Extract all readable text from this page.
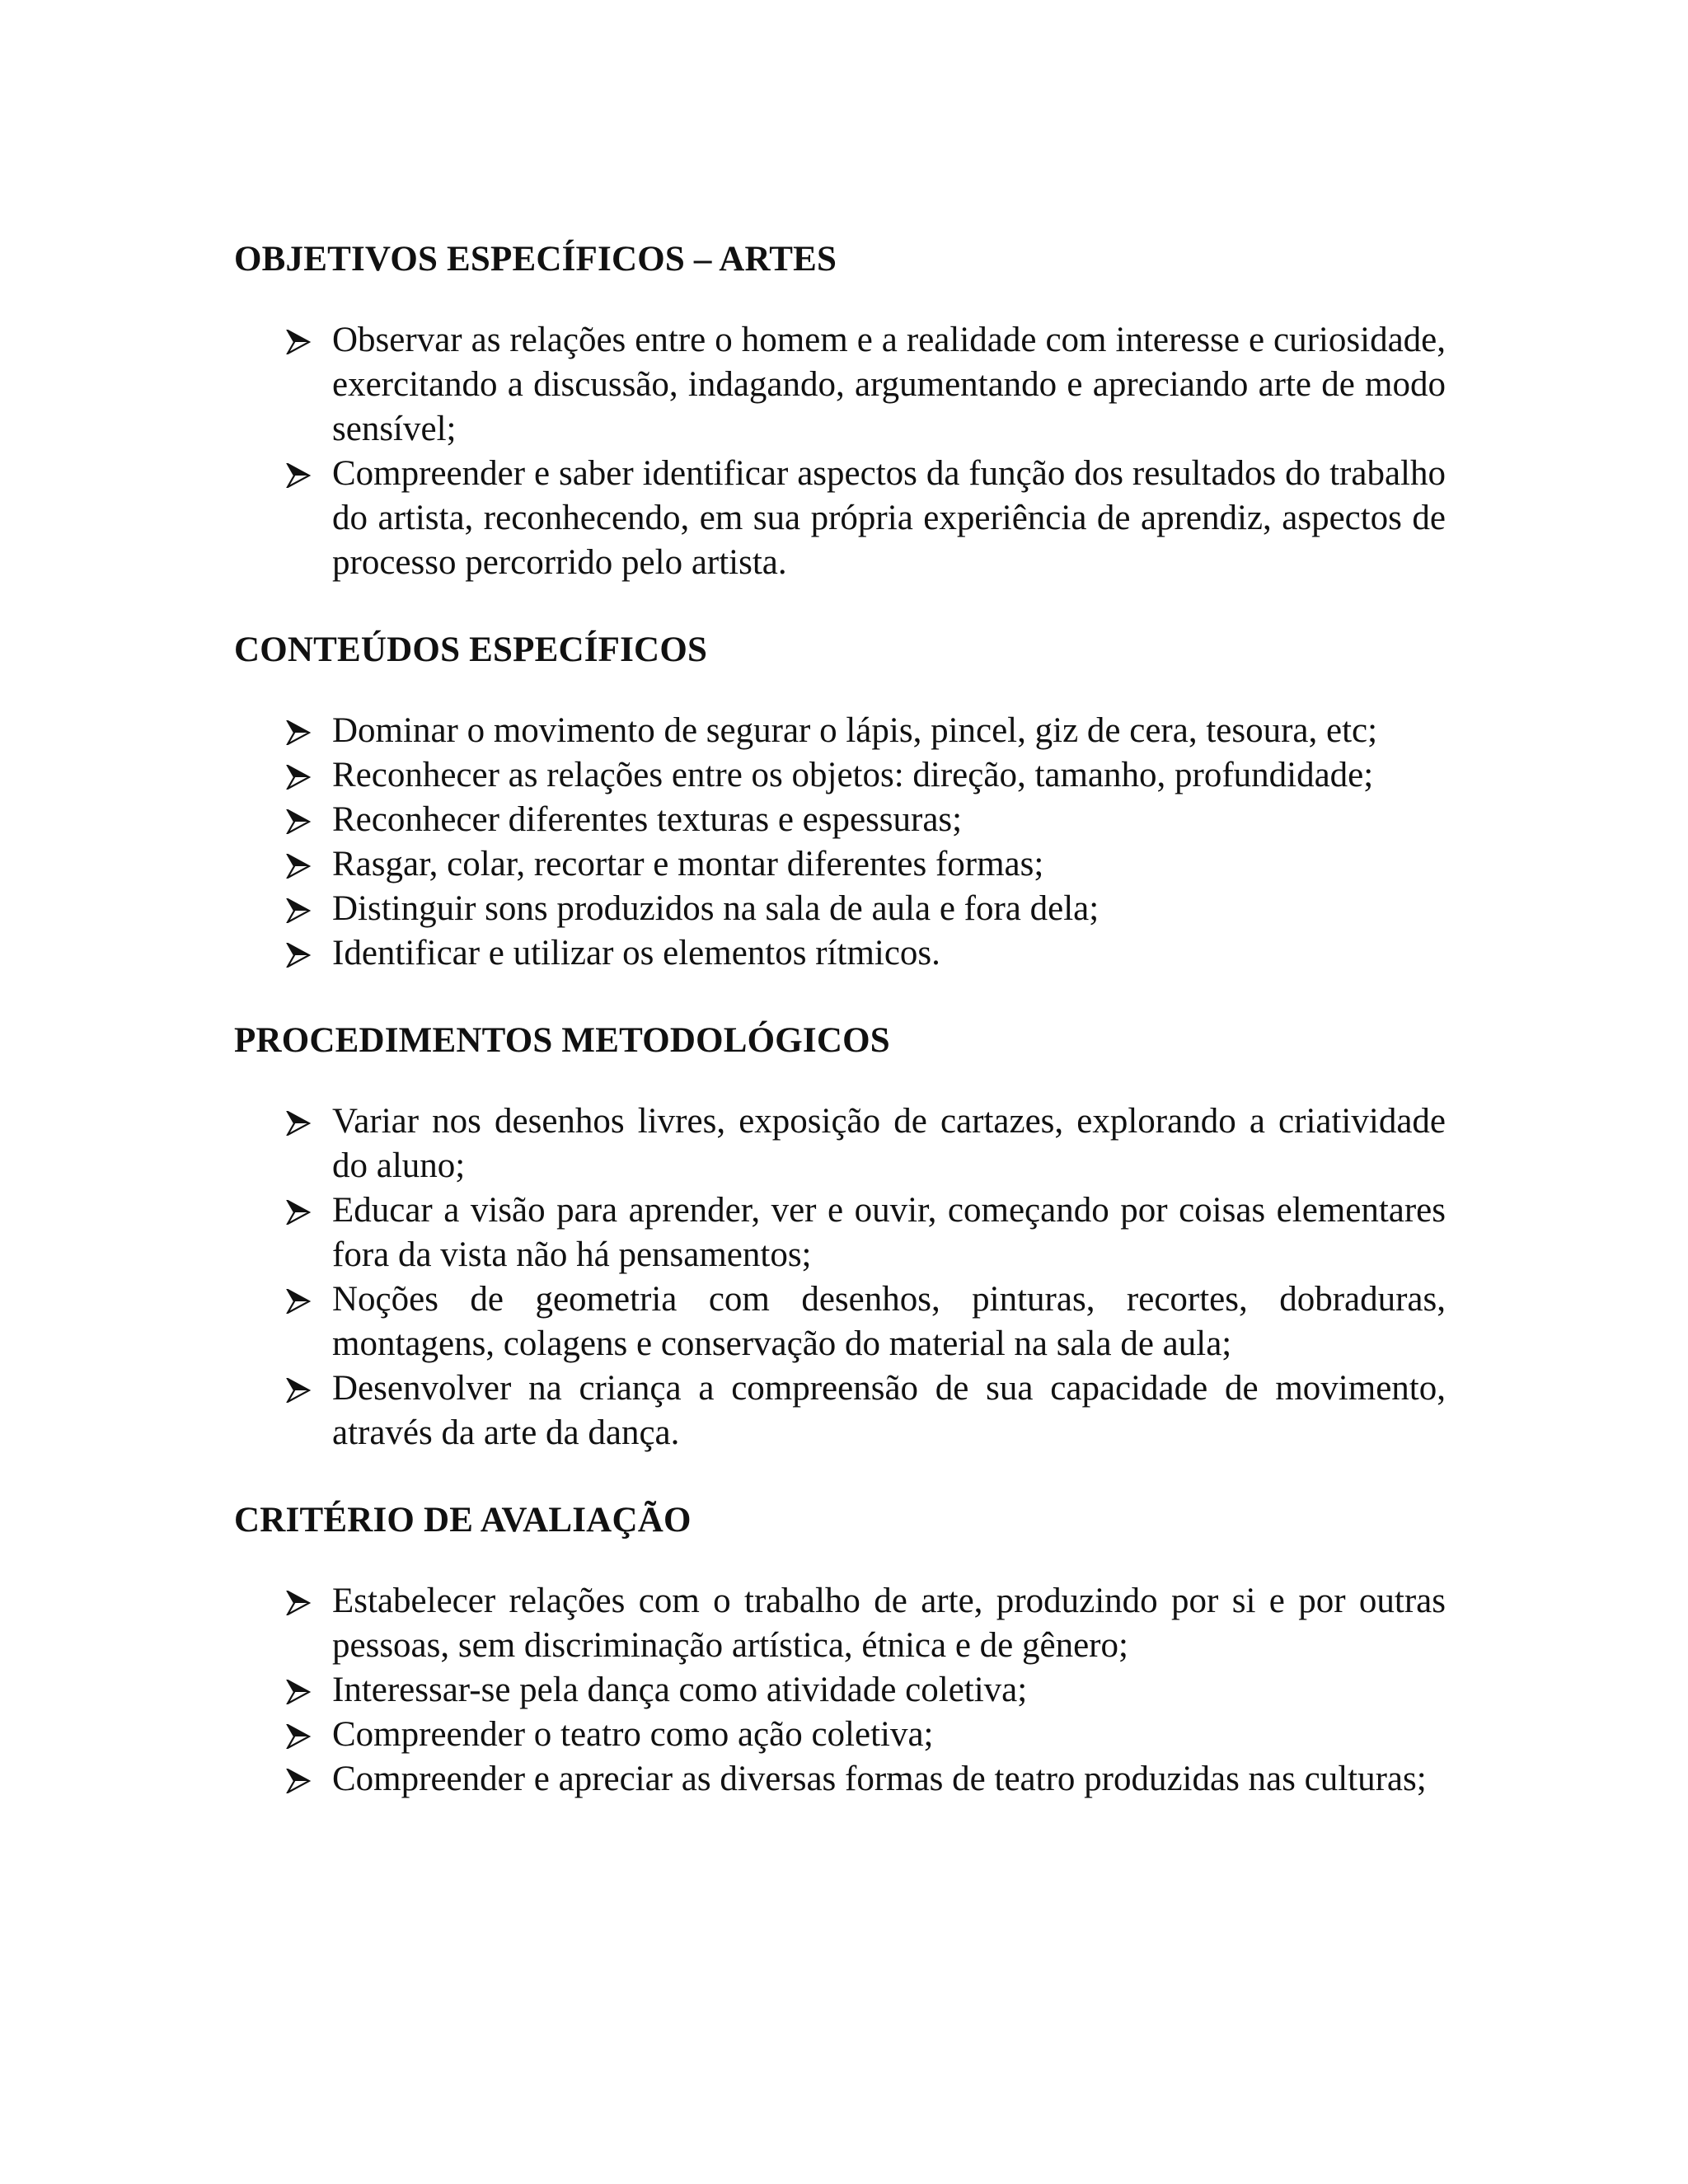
OBJETIVOS ESPECÍFICOS – ARTES
Observar as relações entre o homem e a realidade com interesse e curiosidade, exercitando a discussão, indagando, argumentando e apreciando arte de modo sensível;
Compreender e saber identificar aspectos da função dos resultados do trabalho do artista, reconhecendo, em sua própria experiência de aprendiz, aspectos de processo percorrido pelo artista.
CONTEÚDOS ESPECÍFICOS
Dominar o movimento de segurar o lápis, pincel, giz de cera, tesoura, etc;
Reconhecer as relações entre os objetos: direção, tamanho, profundidade;
Reconhecer diferentes texturas e espessuras;
Rasgar, colar, recortar e montar diferentes formas;
Distinguir sons produzidos na sala de aula e fora dela;
Identificar e utilizar os elementos rítmicos.
PROCEDIMENTOS METODOLÓGICOS
Variar nos desenhos livres, exposição de cartazes, explorando a criatividade do aluno;
Educar a visão para aprender, ver e ouvir, começando por coisas elementares fora da vista não há pensamentos;
Noções de geometria com desenhos, pinturas, recortes, dobraduras, montagens, colagens e conservação do material na sala de aula;
Desenvolver na criança a compreensão de sua capacidade de movimento, através da arte da dança.
CRITÉRIO DE AVALIAÇÃO
Estabelecer relações com o trabalho de arte, produzindo por si e por outras pessoas, sem discriminação artística, étnica e de gênero;
Interessar-se pela dança como atividade coletiva;
Compreender o teatro como ação coletiva;
Compreender e apreciar as diversas formas de teatro produzidas nas culturas;
